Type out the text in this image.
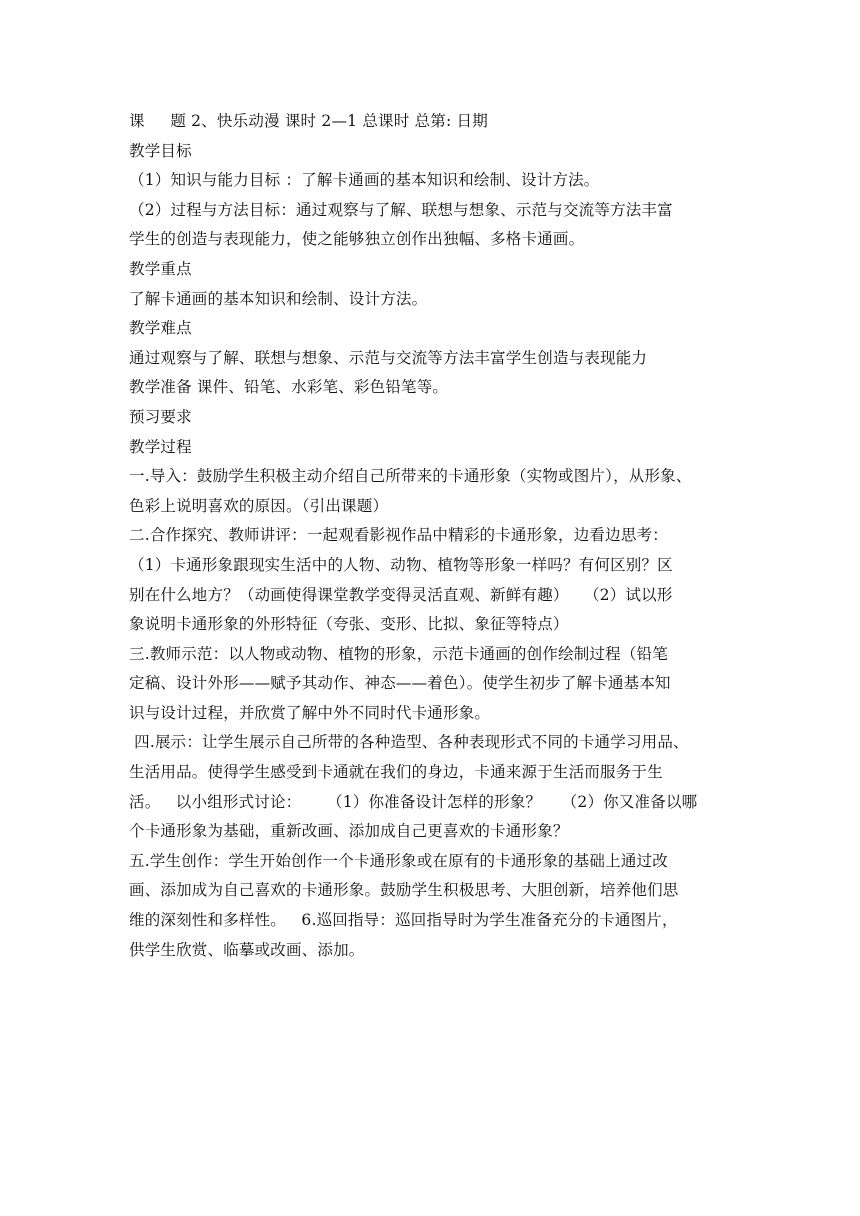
课     题 2、快乐动漫 课时 2—1 总课时 总第: 日期
教学目标
（1）知识与能力目标 ：了解卡通画的基本知识和绘制、设计方法。
（2）过程与方法目标：通过观察与了解、联想与想象、示范与交流等方法丰富
学生的创造与表现能力，使之能够独立创作出独幅、多格卡通画。
教学重点
了解卡通画的基本知识和绘制、设计方法。
教学难点
通过观察与了解、联想与想象、示范与交流等方法丰富学生创造与表现能力
教学准备 课件、铅笔、水彩笔、彩色铅笔等。
预习要求
教学过程
一.导入：鼓励学生积极主动介绍自己所带来的卡通形象（实物或图片），从形象、
色彩上说明喜欢的原因。（引出课题）
二.合作探究、教师讲评：一起观看影视作品中精彩的卡通形象，边看边思考：
（1）卡通形象跟现实生活中的人物、动物、植物等形象一样吗？有何区别？区
别在什么地方？（动画使得课堂教学变得灵活直观、新鲜有趣）   （2）试以形
象说明卡通形象的外形特征（夸张、变形、比拟、象征等特点）
三.教师示范：以人物或动物、植物的形象，示范卡通画的创作绘制过程（铅笔
定稿、设计外形——赋予其动作、神态——着色）。使学生初步了解卡通基本知
识与设计过程，并欣赏了解中外不同时代卡通形象。
四.展示：让学生展示自己所带的各种造型、各种表现形式不同的卡通学习用品、
生活用品。使得学生感受到卡通就在我们的身边，卡通来源于生活而服务于生
活。   以小组形式讨论：     （1）你准备设计怎样的形象？    （2）你又准备以哪
个卡通形象为基础，重新改画、添加成自己更喜欢的卡通形象？
五.学生创作：学生开始创作一个卡通形象或在原有的卡通形象的基础上通过改
画、添加成为自己喜欢的卡通形象。鼓励学生积极思考、大胆创新，培养他们思
维的深刻性和多样性。   6.巡回指导：巡回指导时为学生准备充分的卡通图片，
供学生欣赏、临摹或改画、添加。
